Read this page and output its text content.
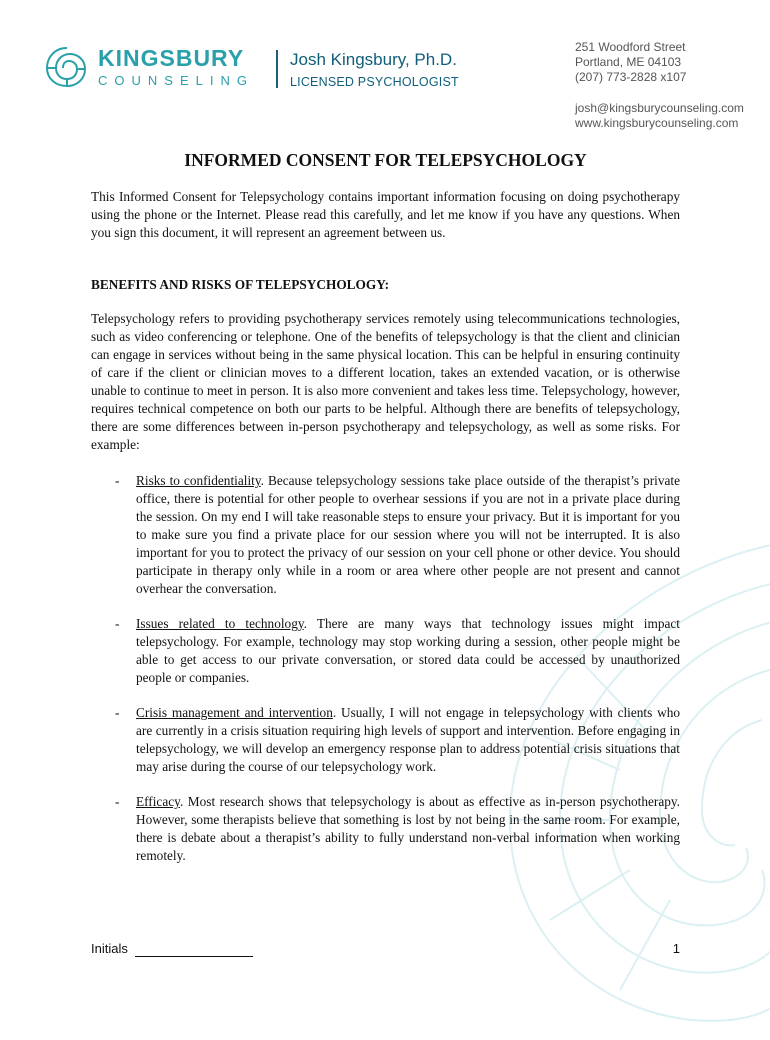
KINGSBURY
COUNSELING
Josh Kingsbury, Ph.D.
LICENSED PSYCHOLOGIST
251 Woodford Street
Portland, ME 04103
(207) 773-2828 x107
josh@kingsburycounseling.com
www.kingsburycounseling.com
INFORMED CONSENT FOR TELEPSYCHOLOGY

This Informed Consent for Telepsychology contains important information focusing on doing psychotherapy using the phone or the Internet. Please read this carefully, and let me know if you have any questions. When you sign this document, it will represent an agreement between us.

BENEFITS AND RISKS OF TELEPSYCHOLOGY:

Telepsychology refers to providing psychotherapy services remotely using telecommunications technologies, such as video conferencing or telephone. One of the benefits of telepsychology is that the client and clinician can engage in services without being in the same physical location. This can be helpful in ensuring continuity of care if the client or clinician moves to a different location, takes an extended vacation, or is otherwise unable to continue to meet in person. It is also more convenient and takes less time. Telepsychology, however, requires technical competence on both our parts to be helpful. Although there are benefits of telepsychology, there are some differences between in-person psychotherapy and telepsychology, as well as some risks. For example:

-	Risks to confidentiality. Because telepsychology sessions take place outside of the therapist’s private office, there is potential for other people to overhear sessions if you are not in a private place during the session. On my end I will take reasonable steps to ensure your privacy. But it is important for you to make sure you find a private place for our session where you will not be interrupted. It is also important for you to protect the privacy of our session on your cell phone or other device. You should participate in therapy only while in a room or area where other people are not present and cannot overhear the conversation.
-	Issues related to technology. There are many ways that technology issues might impact telepsychology. For example, technology may stop working during a session, other people might be able to get access to our private conversation, or stored data could be accessed by unauthorized people or companies.
-	Crisis management and intervention. Usually, I will not engage in telepsychology with clients who are currently in a crisis situation requiring high levels of support and intervention. Before engaging in telepsychology, we will develop an emergency response plan to address potential crisis situations that may arise during the course of our telepsychology work.
-	Efficacy. Most research shows that telepsychology is about as effective as in-person psychotherapy. However, some therapists believe that something is lost by not being in the same room. For example, there is debate about a therapist’s ability to fully understand non-verbal information when working remotely.
Initials	1
